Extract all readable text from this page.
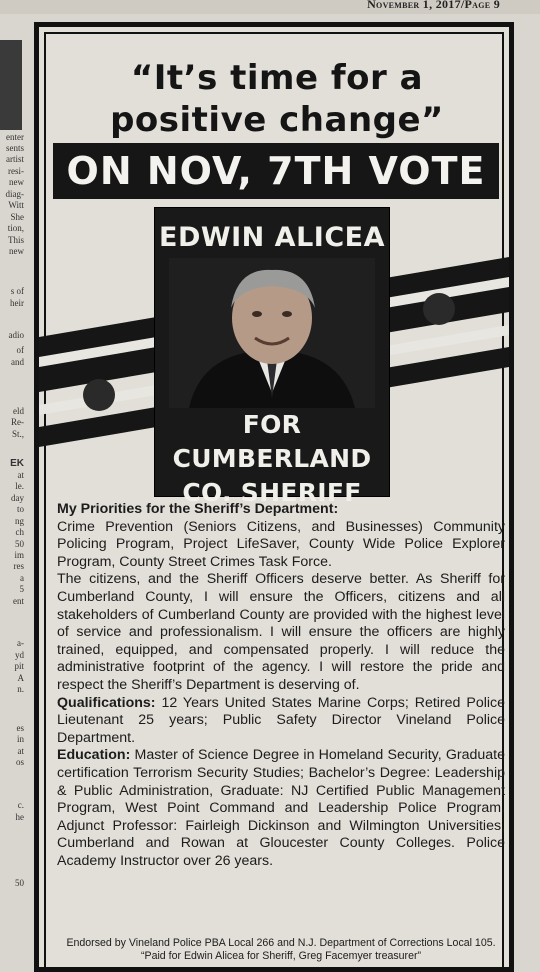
November 1, 2017/Page 9
enter
sents
artist
resi-
new
diag-
Witt
She
tion,
This
new
s of
heir
adio
of
and
eld
Re-
St.,
EK
at
le.
day
to
ng
ch
50
im
res
a
5
ent
a-
yd
pit
A
n.
es
in
at
os
c.
he
50
“It’s time for a
positive change”
ON NOV, 7TH VOTE
EDWIN ALICEA
FOR CUMBERLAND
CO. SHERIFF

My Priorities for the Sheriff’s Department:

Crime Prevention (Seniors Citizens, and Businesses) Community Policing Program, Project LifeSaver, County Wide Police Explorer Program, County Street Crimes Task Force.

The citizens, and the Sheriff Officers deserve better. As Sheriff for Cumberland County, I will ensure the Officers, citizens and all stakeholders of Cumberland County are provided with the highest level of service and professionalism. I will ensure the officers are highly trained, equipped, and compensated properly. I will reduce the administrative footprint of the agency. I will restore the pride and respect the Sheriff’s Department is deserving of.

Qualifications: 12 Years United States Marine Corps; Retired Police Lieutenant 25 years; Public Safety Director Vineland Police Department.

Education: Master of Science Degree in Homeland Security, Graduate certification Terrorism Security Studies; Bachelor’s Degree: Leadership & Public Administration, Graduate: NJ Certified Public Management Program, West Point Command and Leadership Police Program. Adjunct Professor: Fairleigh Dickinson and Wilmington Universities, Cumberland and Rowan at Gloucester County Colleges. Police Academy Instructor over 26 years.

Endorsed by Vineland Police PBA Local 266 and N.J. Department of Corrections Local 105.
“Paid for Edwin Alicea for Sheriff, Greg Facemyer treasurer”
